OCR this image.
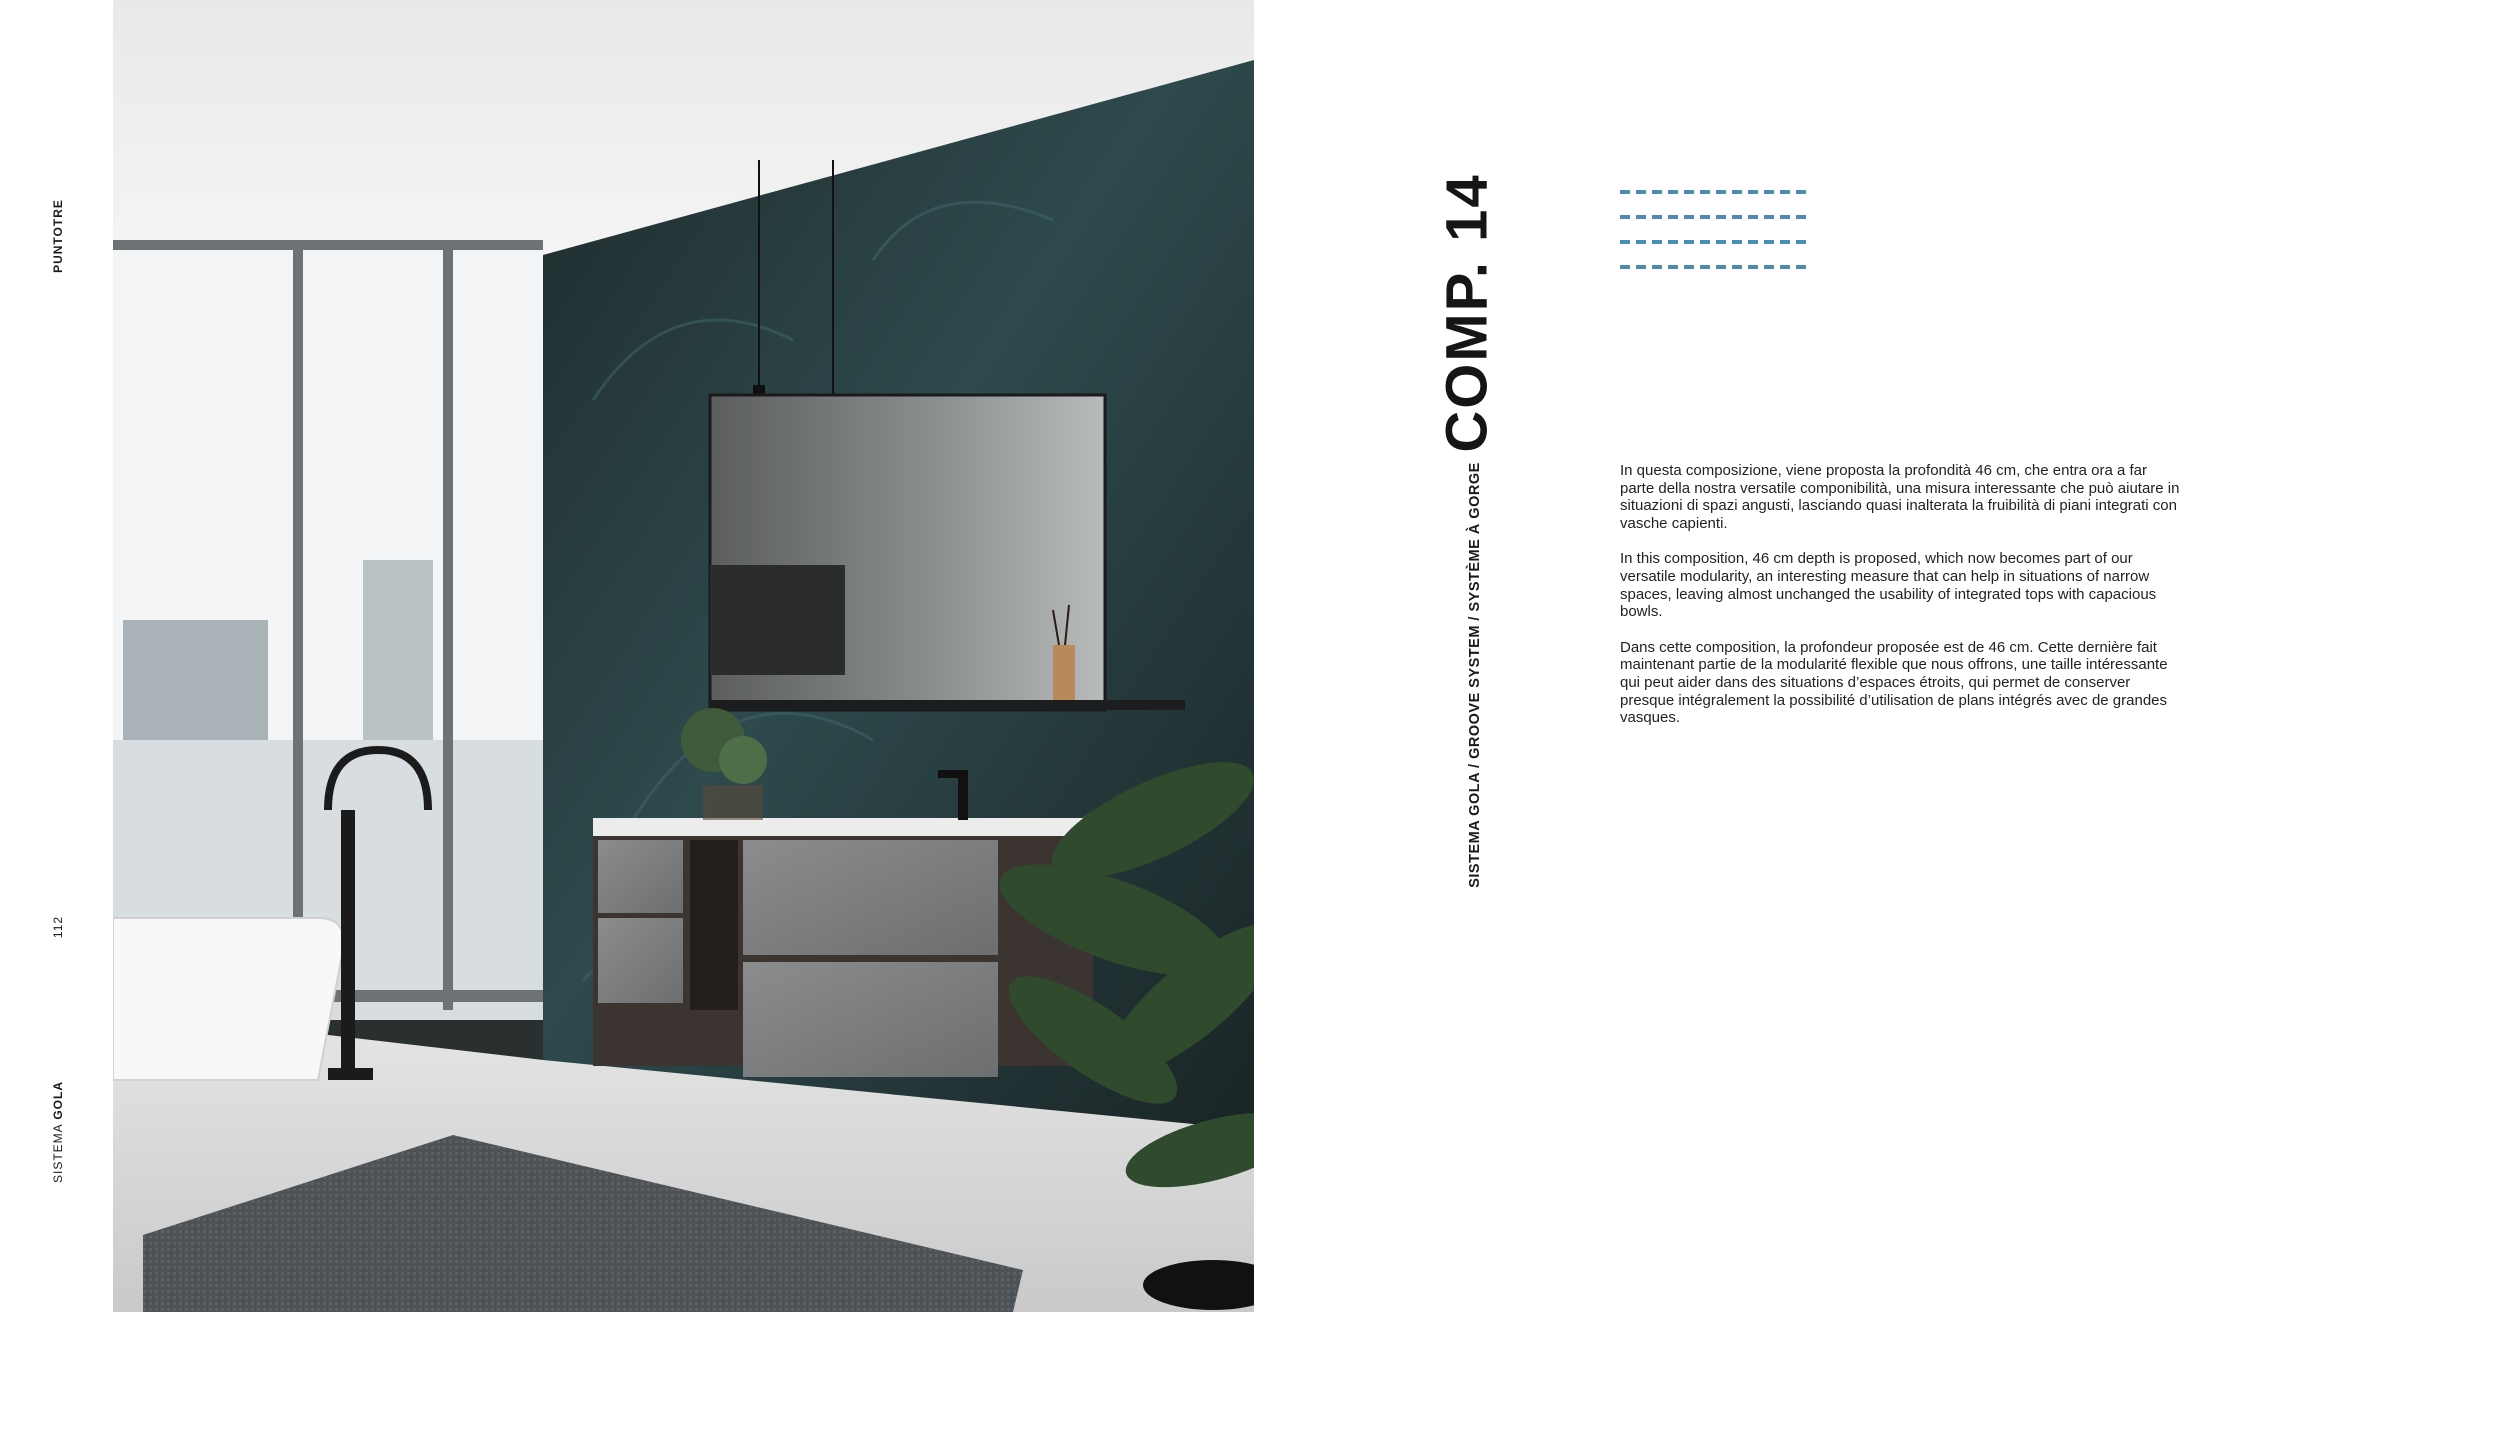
PUNTOTRE
112
SISTEMA GOLA
COMP. 14
SISTEMA GOLA / GROOVE SYSTEM / SYSTÈME À GORGE	In questa composizione, viene proposta la profondità 46 cm, che entra ora a far parte della nostra versatile componibilità, una misura interessante che può aiutare in situazioni di spazi angusti, lasciando quasi inalterata la fruibilità di piani integrati con vasche capienti.

In this composition, 46 cm depth is proposed, which now becomes part of our versatile modularity, an interesting measure that can help in situations of narrow spaces, leaving almost unchanged the usability of integrated tops with capacious bowls.

Dans cette composition, la profondeur proposée est de 46 cm. Cette dernière fait maintenant partie de la modularité flexible que nous offrons, une taille intéressante qui peut aider dans des situations d’espaces étroits, qui permet de conserver presque intégralement la possibilité d’utilisation de plans intégrés avec de grandes vasques.
